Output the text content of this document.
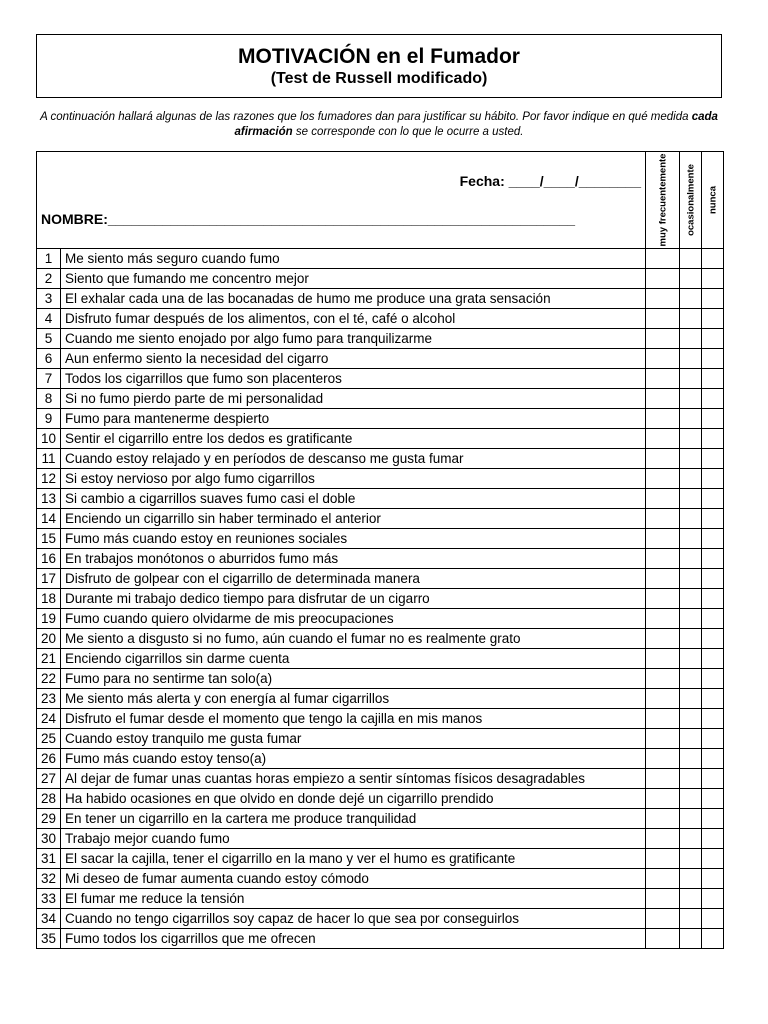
MOTIVACIÓN en el Fumador
(Test de Russell modificado)
A continuación hallará algunas de las razones que los fumadores dan para justificar su hábito. Por favor indique en qué medida cada afirmación se corresponde con lo que le ocurre a usted.
Fecha: ____/____/________
NOMBRE:____________________________________________________________		muy frecuentemente	ocasionalmente	nunca

1	Me siento más seguro cuando fumo			
2	Siento que fumando me concentro mejor			
3	El exhalar cada una de las bocanadas de humo me produce una grata sensación			
4	Disfruto fumar después de los alimentos, con el té, café o alcohol			
5	Cuando me siento enojado por algo fumo para tranquilizarme			
6	Aun enfermo siento la necesidad del cigarro			
7	Todos los cigarrillos que fumo son placenteros			
8	Si no fumo pierdo parte de mi personalidad			
9	Fumo para mantenerme despierto			
10	Sentir el cigarrillo entre los dedos es gratificante			
11	Cuando estoy relajado y en períodos de descanso me gusta fumar			
12	Si estoy nervioso por algo fumo cigarrillos			
13	Si cambio a cigarrillos suaves fumo casi el doble			
14	Enciendo un cigarrillo sin haber terminado el anterior			
15	Fumo más cuando estoy en reuniones sociales			
16	En trabajos monótonos o aburridos fumo más			
17	Disfruto de golpear con el cigarrillo de determinada manera			
18	Durante mi trabajo dedico tiempo para disfrutar de un cigarro			
19	Fumo cuando quiero olvidarme de mis preocupaciones			
20	Me siento a disgusto si no fumo, aún cuando el fumar no es realmente grato			
21	Enciendo cigarrillos sin darme cuenta			
22	Fumo para no sentirme tan solo(a)			
23	Me siento más alerta y con energía al fumar cigarrillos			
24	Disfruto el fumar desde el momento que tengo la cajilla en mis manos			
25	Cuando estoy tranquilo me gusta fumar			
26	Fumo más cuando estoy tenso(a)			
27	Al dejar de fumar unas cuantas horas empiezo a sentir síntomas físicos desagradables			
28	Ha habido ocasiones en que olvido en donde dejé un cigarrillo prendido			
29	En tener un cigarrillo en la cartera me produce tranquilidad			
30	Trabajo mejor cuando fumo			
31	El sacar la cajilla, tener el cigarrillo en la mano y ver el humo es gratificante			
32	Mi deseo de fumar aumenta cuando estoy cómodo			
33	El fumar me reduce la tensión			
34	Cuando no tengo cigarrillos soy capaz de hacer lo que sea por conseguirlos			
35	Fumo todos los cigarrillos que me ofrecen			
